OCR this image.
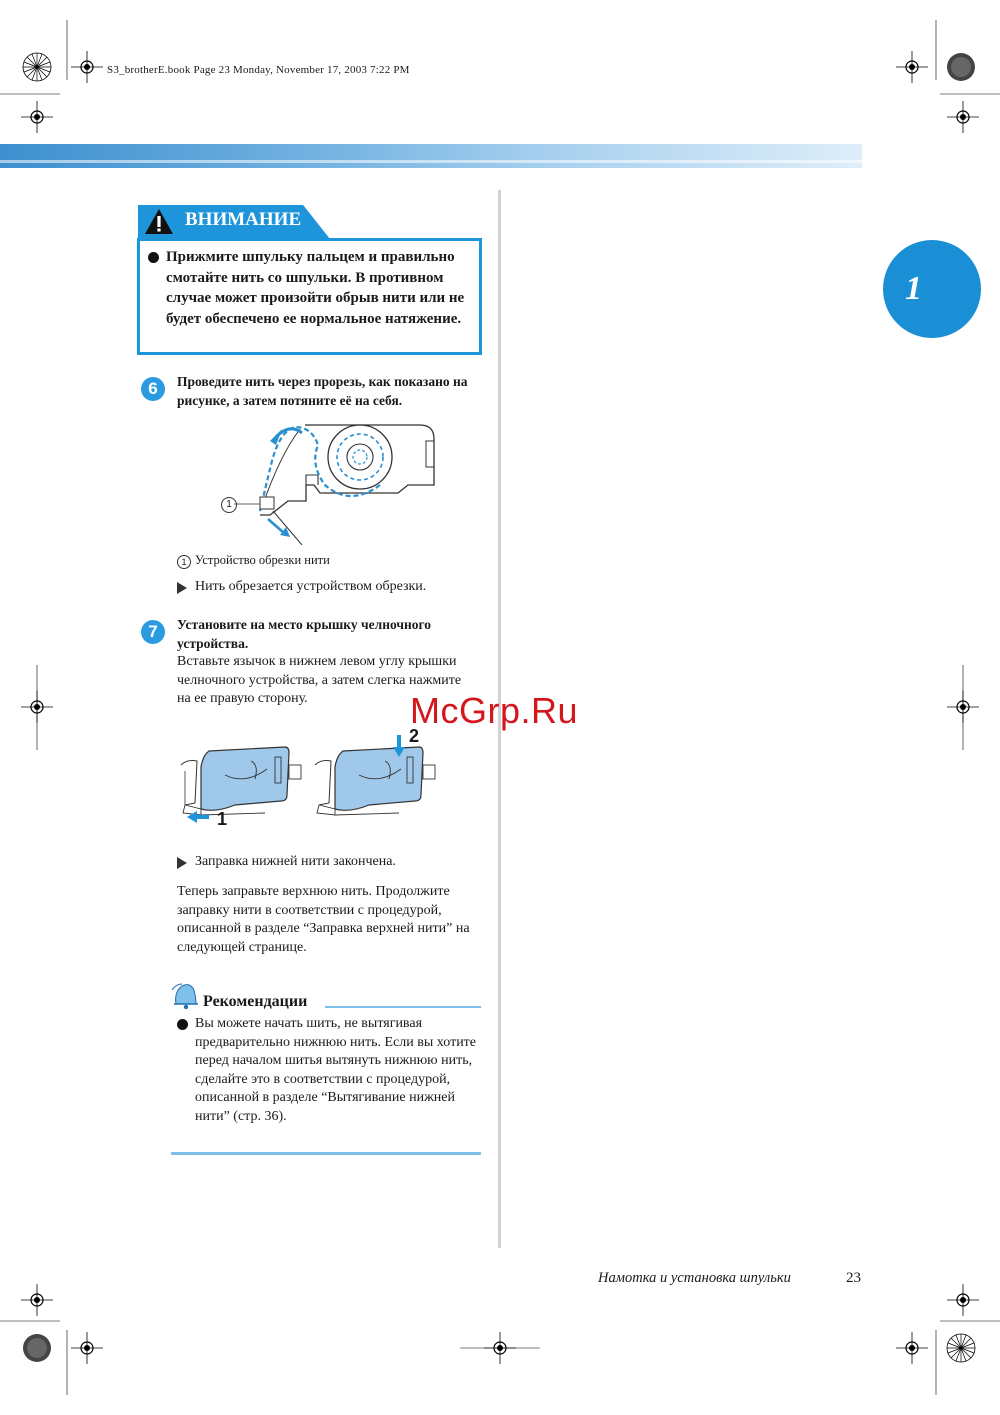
S3_brotherE.book Page 23 Monday, November 17, 2003 7:22 PM
1
ВНИМАНИЕ
Прижмите шпульку пальцем и правильно смотайте нить со шпульки. В противном случае может произойти обрыв нити или не будет обеспечено ее нормальное натяжение.
6	Проведите нить через прорезь, как показано на рисунке, а затем потяните её на себя.
1
1 Устройство обрезки нити
Нить обрезается устройством обрезки.
7	Установите на место крышку челночного устройства.
Вставьте язычок в нижнем левом углу крышки челночного устройства, а затем слегка нажмите на ее правую сторону.
1
2
Заправка нижней нити закончена.
Теперь заправьте верхнюю нить. Продолжите заправку нити в соответствии с процедурой, описанной в разделе “Заправка верхней нити” на следующей странице.
Рекомендации
Вы можете начать шить, не вытягивая предварительно нижнюю нить. Если вы хотите перед началом шитья вытянуть нижнюю нить, сделайте это в соответствии с процедурой, описанной в разделе “Вытягивание нижней нити” (стр. 36).
McGrp.Ru
Намотка и установка шпульки	23
